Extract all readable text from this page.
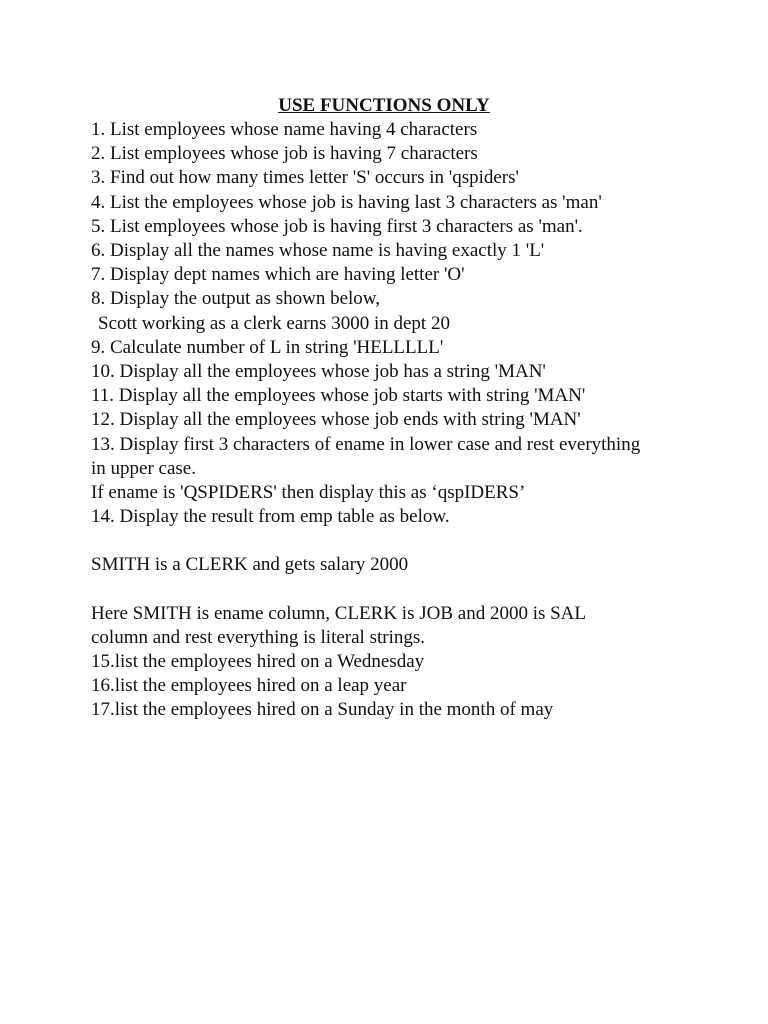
USE FUNCTIONS ONLY
1. List employees whose name having 4 characters
2. List employees whose job is having 7 characters
3. Find out how many times letter 'S' occurs in 'qspiders'
4. List the employees whose job is having last 3 characters as 'man'
5. List employees whose job is having first 3 characters as 'man'.
6. Display all the names whose name is having exactly 1 'L'
7. Display dept names which are having letter 'O'
8. Display the output as shown below,
Scott working as a clerk earns 3000 in dept 20
9. Calculate number of L in string 'HELLLLL'
10. Display all the employees whose job has a string 'MAN'
11. Display all the employees whose job starts with string 'MAN'
12. Display all the employees whose job ends with string 'MAN'
13. Display first 3 characters of ename in lower case and rest everything
in upper case.
If ename is 'QSPIDERS' then display this as ‘qspIDERS’
14. Display the result from emp table as below.
SMITH is a CLERK and gets salary 2000
Here SMITH is ename column, CLERK is JOB and 2000 is SAL
column and rest everything is literal strings.
15.list the employees hired on a Wednesday
16.list the employees hired on a leap year
17.list the employees hired on a Sunday in the month of may
